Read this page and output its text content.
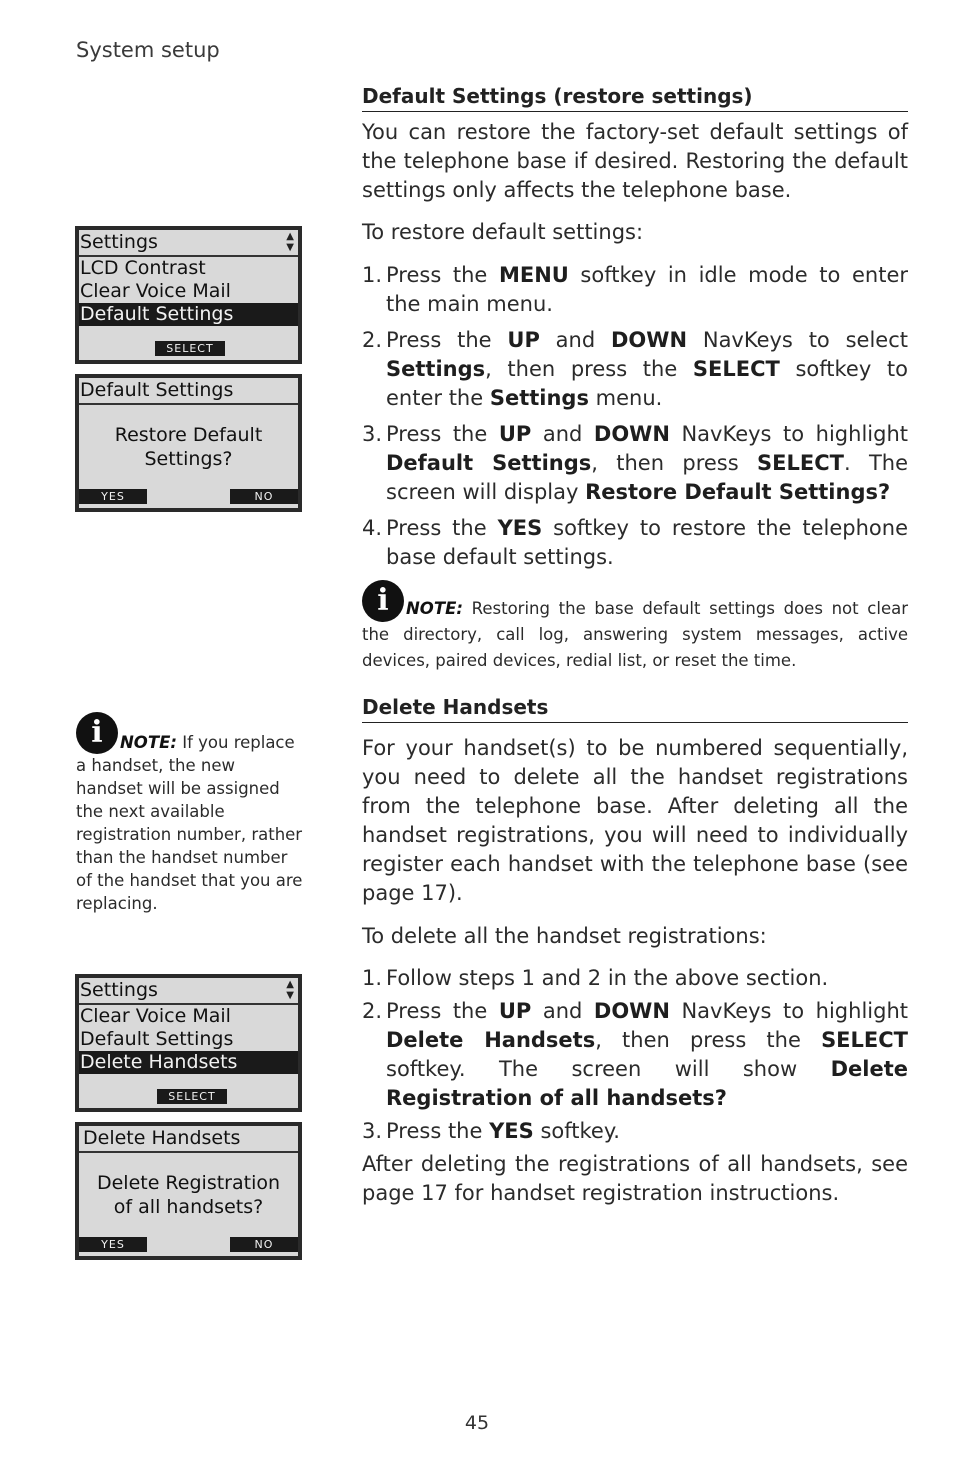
System setup
Default Settings (restore settings)

You can restore the factory-set default settings of the telephone base if desired. Restoring the default settings only affects the telephone base.

To restore default settings:

1. Press the MENU softkey in idle mode to enter the main menu.
2. Press the UP and DOWN NavKeys to select Settings, then press the SELECT softkey to enter the Settings menu.
3. Press the UP and DOWN NavKeys to highlight Default Settings, then press SELECT. The screen will display Restore Default Settings?
4. Press the YES softkey to restore the telephone base default settings.
i NOTE: Restoring the base default settings does not clear the directory, call log, answering system messages, active devices, paired devices, redial list, or reset the time.
Delete Handsets

For your handset(s) to be numbered sequentially, you need to delete all the handset registrations from the telephone base. After deleting all the handset registrations, you will need to individually register each handset with the telephone base (see page 17).

To delete all the handset registrations:

1. Follow steps 1 and 2 in the above section.
2. Press the UP and DOWN NavKeys to highlight Delete Handsets, then press the SELECT softkey. The screen will show Delete Registration of all handsets?
3. Press the YES softkey.

After deleting the registrations of all handsets, see page 17 for handset registration instructions.

i NOTE: If you replace a handset, the new handset will be assigned the next available registration number, rather than the handset number of the handset that you are replacing.
Settings	▲
▼
LCD Contrast
Clear Voice Mail
Default Settings
SELECT
Default Settings
Restore Default
Settings?
YES	NO
Settings	▲
▼
Clear Voice Mail
Default Settings
Delete Handsets
SELECT
Delete Handsets
Delete Registration
of all handsets?
YES	NO
45
